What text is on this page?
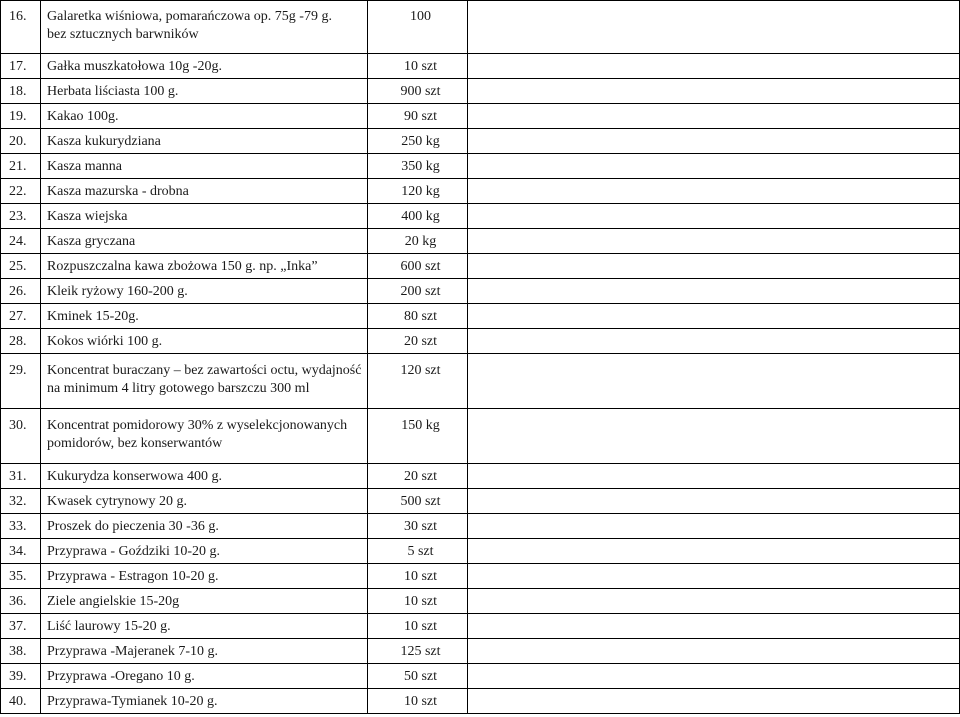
16.	Galaretka wiśniowa, pomarańczowa op. 75g -79 g.
bez sztucznych barwników	100	

17.	Gałka muszkatołowa 10g -20g.	10 szt	

18.	Herbata liściasta 100 g.	900 szt	

19.	Kakao 100g.	90 szt	

20.	Kasza kukurydziana	250 kg	

21.	Kasza manna	350 kg	

22.	Kasza mazurska - drobna	120 kg	

23.	Kasza wiejska	400 kg	

24.	Kasza gryczana	20 kg	

25.	Rozpuszczalna kawa zbożowa 150 g. np. „Inka”	600 szt	

26.	Kleik ryżowy 160-200 g.	200 szt	

27.	Kminek 15-20g.	80 szt	

28.	Kokos wiórki 100 g.	20 szt	

29.	Koncentrat buraczany – bez zawartości octu, wydajność
na minimum 4 litry gotowego barszczu 300 ml	120 szt	

30.	Koncentrat pomidorowy 30% z wyselekcjonowanych
pomidorów, bez konserwantów	150 kg	

31.	Kukurydza konserwowa 400 g.	20 szt	

32.	Kwasek cytrynowy 20 g.	500 szt	

33.	Proszek do pieczenia 30 -36 g.	30 szt	

34.	Przyprawa - Goździki 10-20 g.	5 szt	

35.	Przyprawa - Estragon 10-20 g.	10 szt	

36.	Ziele angielskie 15-20g	10 szt	

37.	Liść laurowy 15-20 g.	10 szt	

38.	Przyprawa -Majeranek 7-10 g.	125 szt	

39.	Przyprawa -Oregano 10 g.	50 szt	

40.	Przyprawa-Tymianek 10-20 g.	10 szt	
